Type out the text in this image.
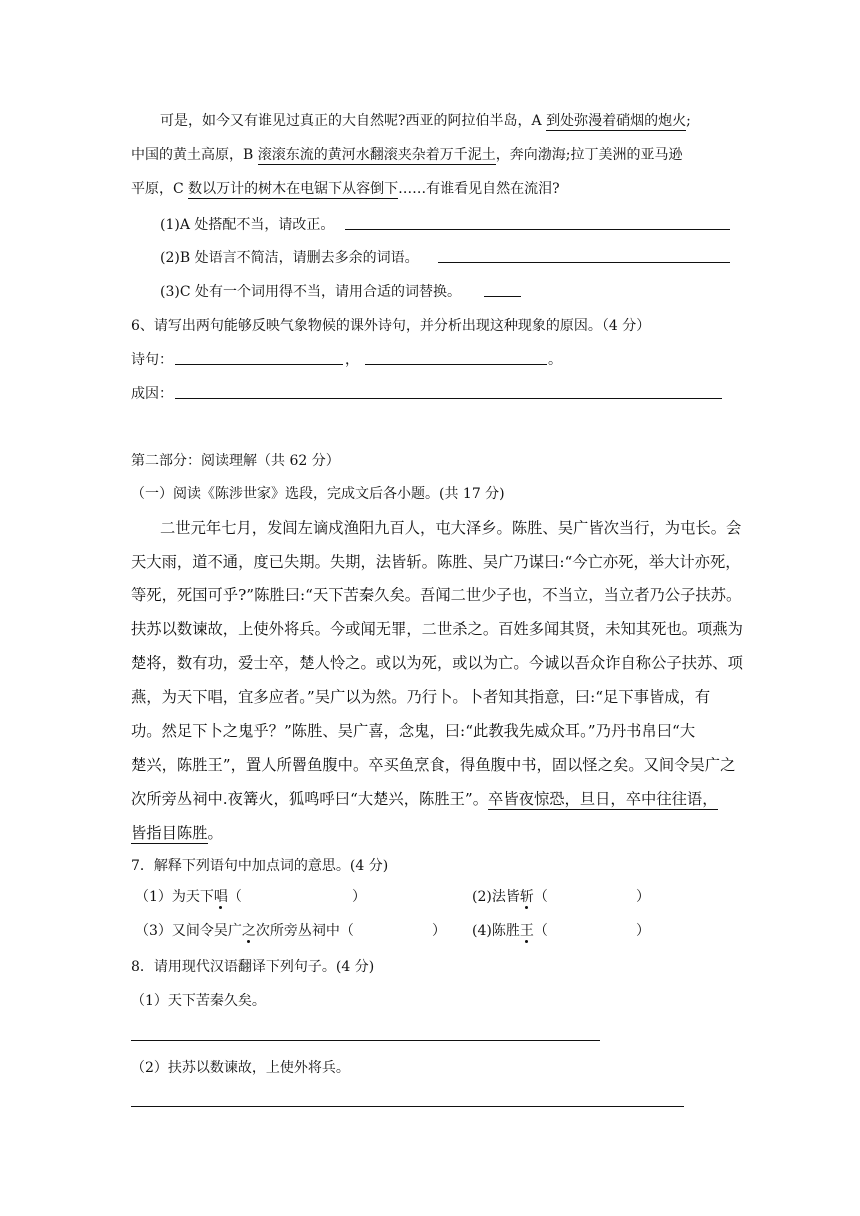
可是，如今又有谁见过真正的大自然呢?西亚的阿拉伯半岛，A 到处弥漫着硝烟的炮火;
中国的黄土高原，B 滚滚东流的黄河水翻滚夹杂着万千泥土，奔向渤海;拉丁美洲的亚马逊
平原，C 数以万计的树木在电锯下从容倒下……有谁看见自然在流泪?
(1)A 处搭配不当，请改正。
(2)B 处语言不简洁，请删去多余的词语。
(3)C 处有一个词用得不当，请用合适的词替换。
6、请写出两句能够反映气象物候的课外诗句，并分析出现这种现象的原因。（4 分）
诗句：	，	。
成因：
第二部分：阅读理解（共 62 分）
（一）阅读《陈涉世家》选段，完成文后各小题。(共 17 分)
二世元年七月，发闾左谪戍渔阳九百人，屯大泽乡。陈胜、吴广皆次当行，为屯长。会
天大雨，道不通，度已失期。失期，法皆斩。陈胜、吴广乃谋曰:“今亡亦死，举大计亦死，
等死，死国可乎?”陈胜曰:“天下苦秦久矣。吾闻二世少子也，不当立，当立者乃公子扶苏。
扶苏以数谏故，上使外将兵。今或闻无罪，二世杀之。百姓多闻其贤，未知其死也。项燕为
楚将，数有功，爱士卒，楚人怜之。或以为死，或以为亡。今诚以吾众诈自称公子扶苏、项
燕，为天下唱，宜多应者。”吴广以为然。乃行卜。卜者知其指意，曰:“足下事皆成，有
功。然足下卜之鬼乎？”陈胜、吴广喜，念鬼，曰:“此教我先威众耳。”乃丹书帛曰“大
楚兴，陈胜王”，置人所罾鱼腹中。卒买鱼烹食，得鱼腹中书，固以怪之矣。又间令吴广之
次所旁丛祠中.夜篝火，狐鸣呼曰“大楚兴，陈胜王”。卒皆夜惊恐，旦日，卒中往往语，
皆指目陈胜。
7．解释下列语句中加点词的意思。(4 分)
（1）为天下唱（	）	(2)法皆斩（	）
（3）又间令吴广之次所旁丛祠中（	） (4)陈胜王（	）
8．请用现代汉语翻译下列句子。(4 分)
（1）天下苦秦久矣。
（2）扶苏以数谏故，上使外将兵。
